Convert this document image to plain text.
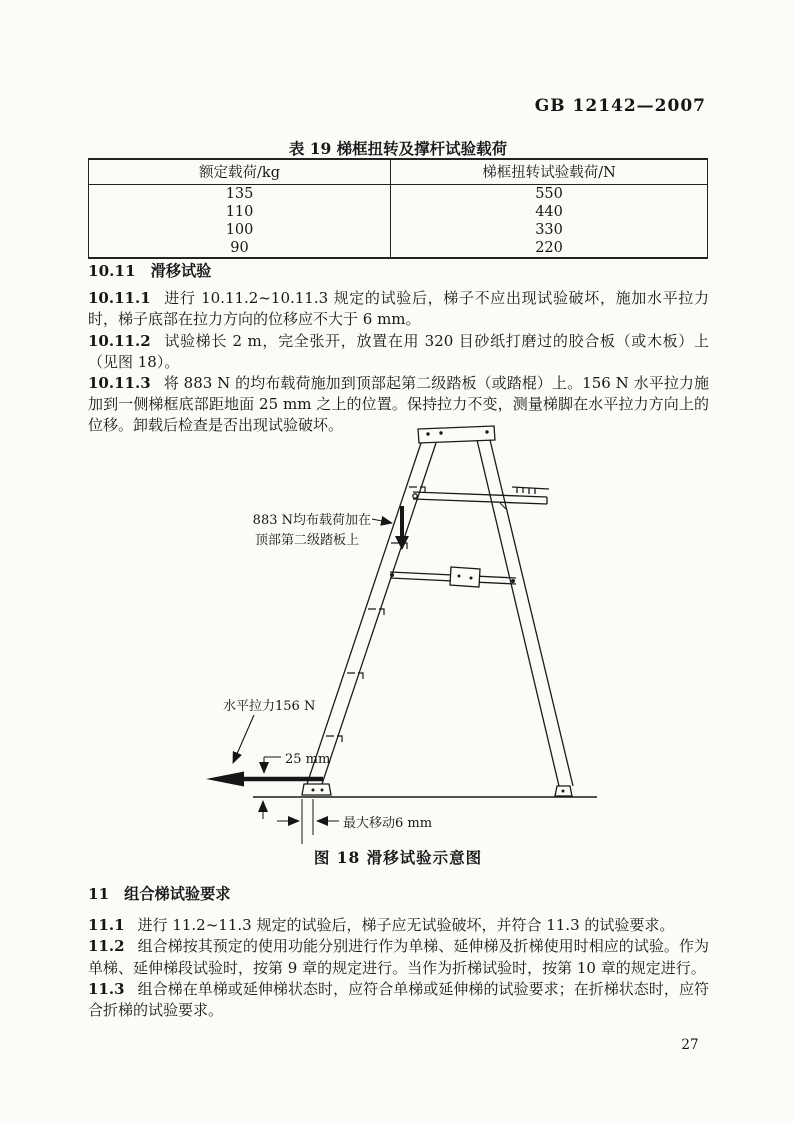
GB 12142—2007
表 19 梯框扭转及撑杆试验载荷
额定载荷/kg	梯框扭转试验载荷/N
135	550
110	440
100	330
90	220
10.11 滑移试验

10.11.1 进行 10.11.2~10.11.3 规定的试验后，梯子不应出现试验破坏，施加水平拉力时，梯子底部在拉力方向的位移应不大于 6 mm。

10.11.2 试验梯长 2 m，完全张开，放置在用 320 目砂纸打磨过的胶合板（或木板）上（见图 18）。

10.11.3 将 883 N 的均布载荷施加到顶部起第二级踏板（或踏棍）上。156 N 水平拉力施加到一侧梯框底部距地面 25 mm 之上的位置。保持拉力不变，测量梯脚在水平拉力方向上的位移。卸载后检查是否出现试验破坏。

883 N均布载荷加在
顶部第二级踏板上
水平拉力156 N
25 mm
最大移动6 mm
图 18 滑移试验示意图
11 组合梯试验要求

11.1 进行 11.2~11.3 规定的试验后，梯子应无试验破坏，并符合 11.3 的试验要求。

11.2 组合梯按其预定的使用功能分别进行作为单梯、延伸梯及折梯使用时相应的试验。作为单梯、延伸梯段试验时，按第 9 章的规定进行。当作为折梯试验时，按第 10 章的规定进行。

11.3 组合梯在单梯或延伸梯状态时，应符合单梯或延伸梯的试验要求；在折梯状态时，应符合折梯的试验要求。

27
